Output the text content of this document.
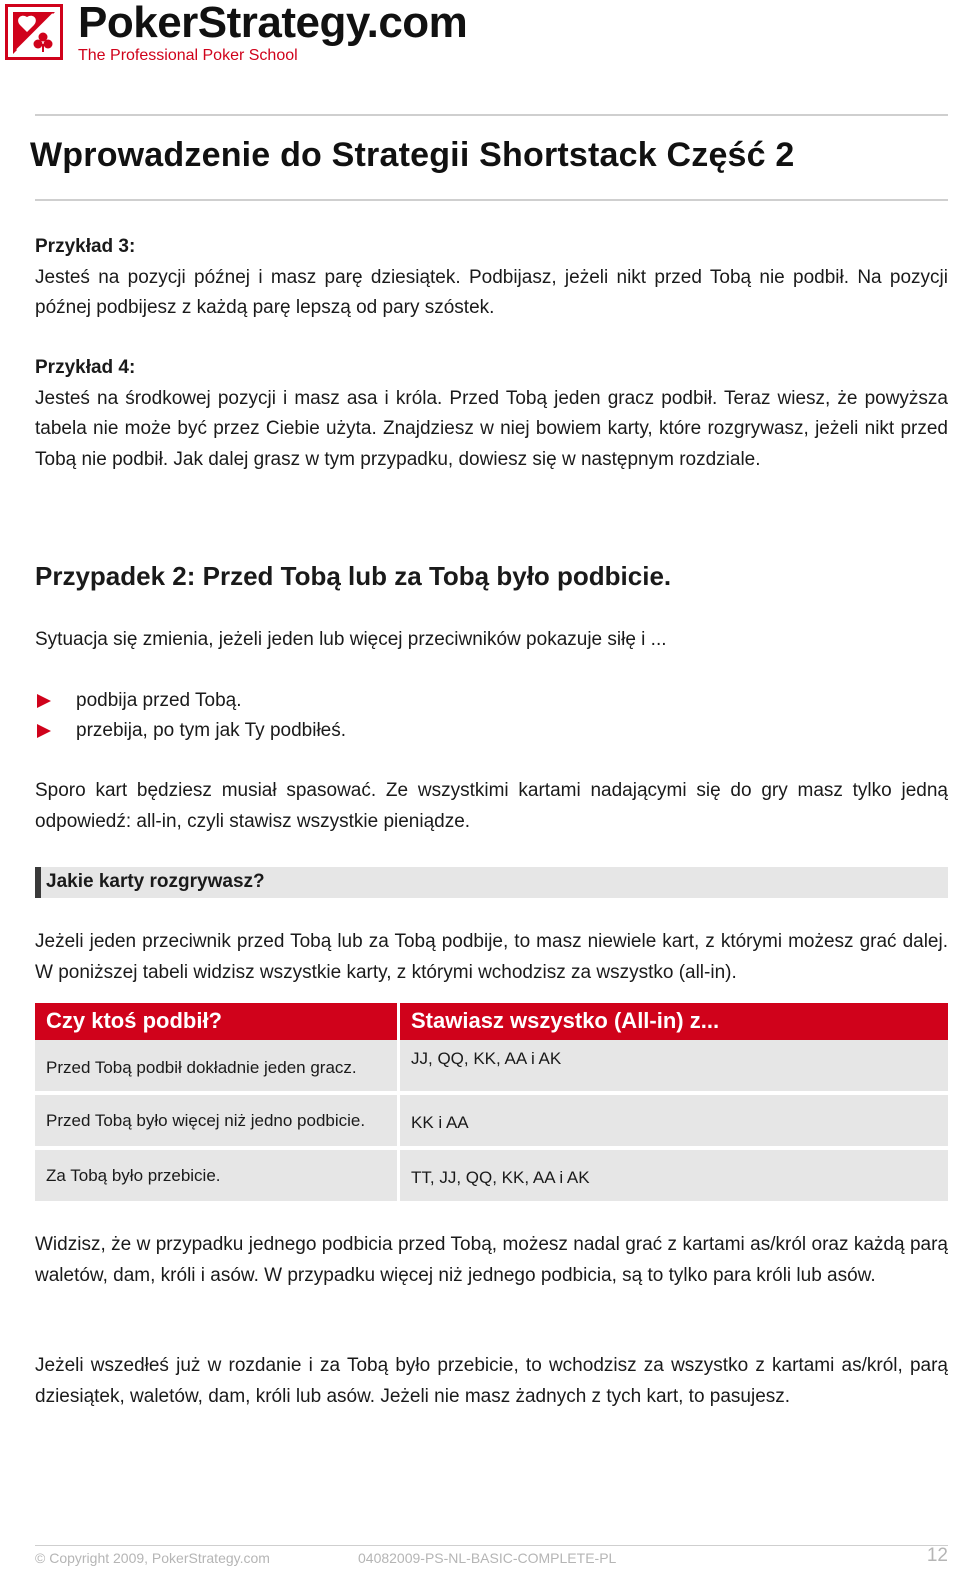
PokerStrategy.com
The Professional Poker School
Wprowadzenie do Strategii Shortstack Część 2

Przykład 3:
Jesteś na pozycji późnej i masz parę dziesiątek. Podbijasz, jeżeli nikt przed Tobą nie podbił. Na pozycji późnej podbijesz z każdą parę lepszą od pary szóstek.

Przykład 4:
Jesteś na środkowej pozycji i masz asa i króla. Przed Tobą jeden gracz podbił. Teraz wiesz, że powyższa tabela nie może być przez Ciebie użyta. Znajdziesz w niej bowiem karty, które rozgrywasz, jeżeli nikt przed Tobą nie podbił. Jak dalej grasz w tym przypadku, dowiesz się w następnym rozdziale.

Przypadek 2: Przed Tobą lub za Tobą było podbicie.

Sytuacja się zmienia, jeżeli jeden lub więcej przeciwników pokazuje siłę i ...

podbija przed Tobą.
przebija, po tym jak Ty podbiłeś.

Sporo kart będziesz musiał spasować. Ze wszystkimi kartami nadającymi się do gry masz tylko jedną odpowiedź: all-in, czyli stawisz wszystkie pieniądze.

Jakie karty rozgrywasz?

Jeżeli jeden przeciwnik przed Tobą lub za Tobą podbije, to masz niewiele kart, z którymi możesz grać dalej. W poniższej tabeli widzisz wszystkie karty, z którymi wchodzisz za wszystko (all-in).

Czy ktoś podbił?	Stawiasz wszystko (All-in) z...
Przed Tobą podbił dokładnie jeden gracz.	JJ, QQ, KK, AA i AK
Przed Tobą było więcej niż jedno podbicie.	KK i AA
Za Tobą było przebicie.	TT, JJ, QQ, KK, AA i AK

Widzisz, że w przypadku jednego podbicia przed Tobą, możesz nadal grać z kartami as/król oraz każdą parą waletów, dam, króli i asów. W przypadku więcej niż jednego podbicia, są to tylko para króli lub asów.

Jeżeli wszedłeś już w rozdanie i za Tobą było przebicie, to wchodzisz za wszystko z kartami as/król, parą dziesiątek, waletów, dam, króli lub asów. Jeżeli nie masz żadnych z tych kart, to pasujesz.

© Copyright 2009, PokerStrategy.com	04082009-PS-NL-BASIC-COMPLETE-PL	12
